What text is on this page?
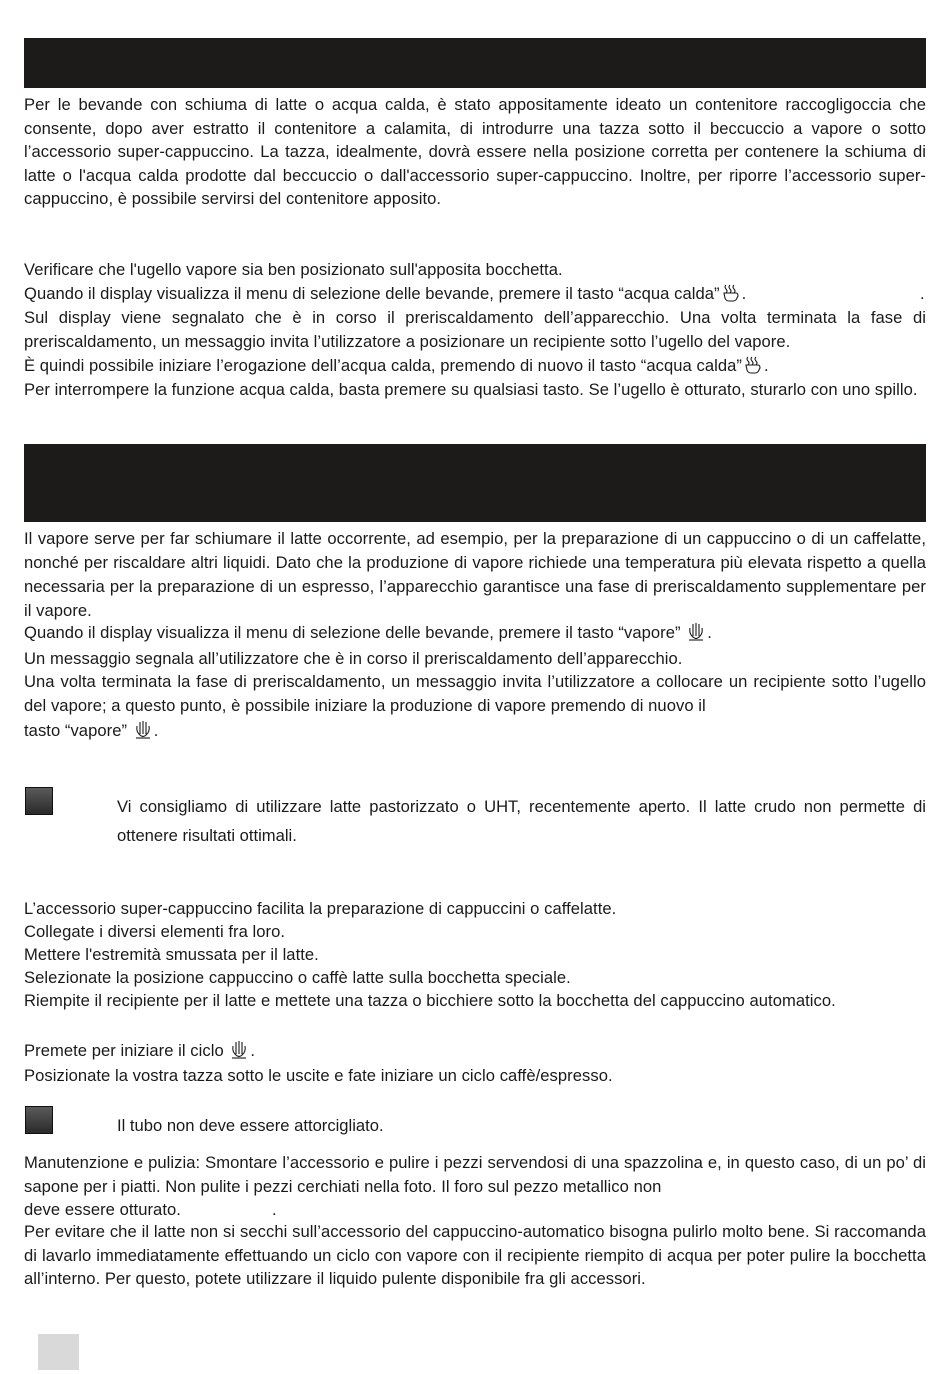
Per le bevande con schiuma di latte o acqua calda, è stato appositamente ideato un contenitore raccogligoccia che consente, dopo aver estratto il contenitore a calamita, di introdurre una tazza sotto il beccuccio a vapore o sotto l’accessorio super-cappuccino. La tazza, idealmente, dovrà essere nella posizione corretta per contenere la schiuma di latte o l'acqua calda prodotte dal beccuccio o dall'accessorio super-cappuccino. Inoltre, per riporre l’accessorio super-cappuccino, è possibile servirsi del contenitore apposito.

Verificare che l'ugello vapore sia ben posizionato sull'apposita bocchetta.
Quando il display visualizza il menu di selezione delle bevande, premere il tasto “acqua calda” .	.

Sul display viene segnalato che è in corso il preriscaldamento dell’apparecchio. Una volta terminata la fase di preriscaldamento, un messaggio invita l’utilizzatore a posizionare un recipiente sotto l’ugello del vapore.

È quindi possibile iniziare l’erogazione dell’acqua calda, premendo di nuovo il tasto “acqua calda” .

Per interrompere la funzione acqua calda, basta premere su qualsiasi tasto. Se l’ugello è otturato, sturarlo con uno spillo.

Il vapore serve per far schiumare il latte occorrente, ad esempio, per la preparazione di un cappuccino o di un caffelatte, nonché per riscaldare altri liquidi. Dato che la produzione di vapore richiede una temperatura più elevata rispetto a quella necessaria per la preparazione di un espresso, l’apparecchio garantisce una fase di preriscaldamento supplementare per il vapore.

Quando il display visualizza il menu di selezione delle bevande, premere il tasto “vapore” .

Un messaggio segnala all’utilizzatore che è in corso il preriscaldamento dell’apparecchio.

Una volta terminata la fase di preriscaldamento, un messaggio invita l’utilizzatore a collocare un recipiente sotto l’ugello del vapore; a questo punto, è possibile iniziare la produzione di vapore premendo di nuovo il

tasto “vapore” .

Vi consigliamo di utilizzare latte pastorizzato o UHT, recentemente aperto. Il latte crudo non permette di ottenere risultati ottimali.

L’accessorio super-cappuccino facilita la preparazione di cappuccini o caffelatte.
Collegate i diversi elementi fra loro.
Mettere l'estremità smussata per il latte.
Selezionate la posizione cappuccino o caffè latte sulla bocchetta speciale.

Riempite il recipiente per il latte e mettete una tazza o bicchiere sotto la bocchetta del cappuccino automatico.

Premete per iniziare il ciclo .

Posizionate la vostra tazza sotto le uscite e fate iniziare un ciclo caffè/espresso.

Il tubo non deve essere attorcigliato.

Manutenzione e pulizia: Smontare l’accessorio e pulire i pezzi servendosi di una spazzolina e, in questo caso, di un po’ di sapone per i piatti. Non pulite i pezzi cerchiati nella foto. Il foro sul pezzo metallico non

deve essere otturato.	.

Per evitare che il latte non si secchi sull’accessorio del cappuccino-automatico bisogna pulirlo molto bene. Si raccomanda di lavarlo immediatamente effettuando un ciclo con vapore con il recipiente riempito di acqua per poter pulire la bocchetta all’interno. Per questo, potete utilizzare il liquido pulente disponibile fra gli accessori.
